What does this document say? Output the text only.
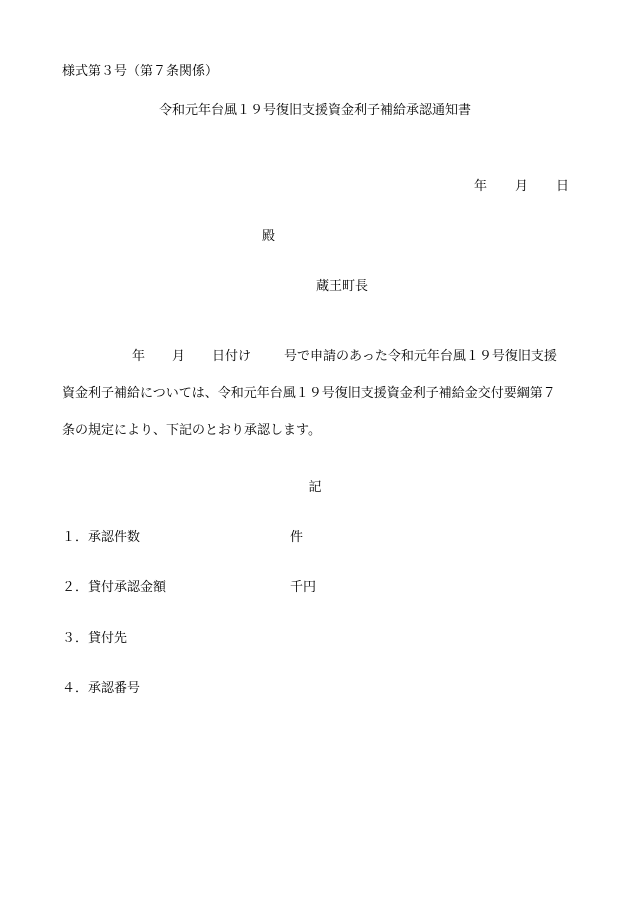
様式第３号（第７条関係）
令和元年台風１９号復旧支援資金利子補給承認通知書
年 月 日
殿
蔵王町長
年 月 日付け	号で申請のあった令和元年台風１９号復旧支援
資金利子補給については、令和元年台風１９号復旧支援資金利子補給金交付要綱第７
条の規定により、下記のとおり承認します。
記
１．承認件数	件
２．貸付承認金額	千円
３．貸付先
４．承認番号
